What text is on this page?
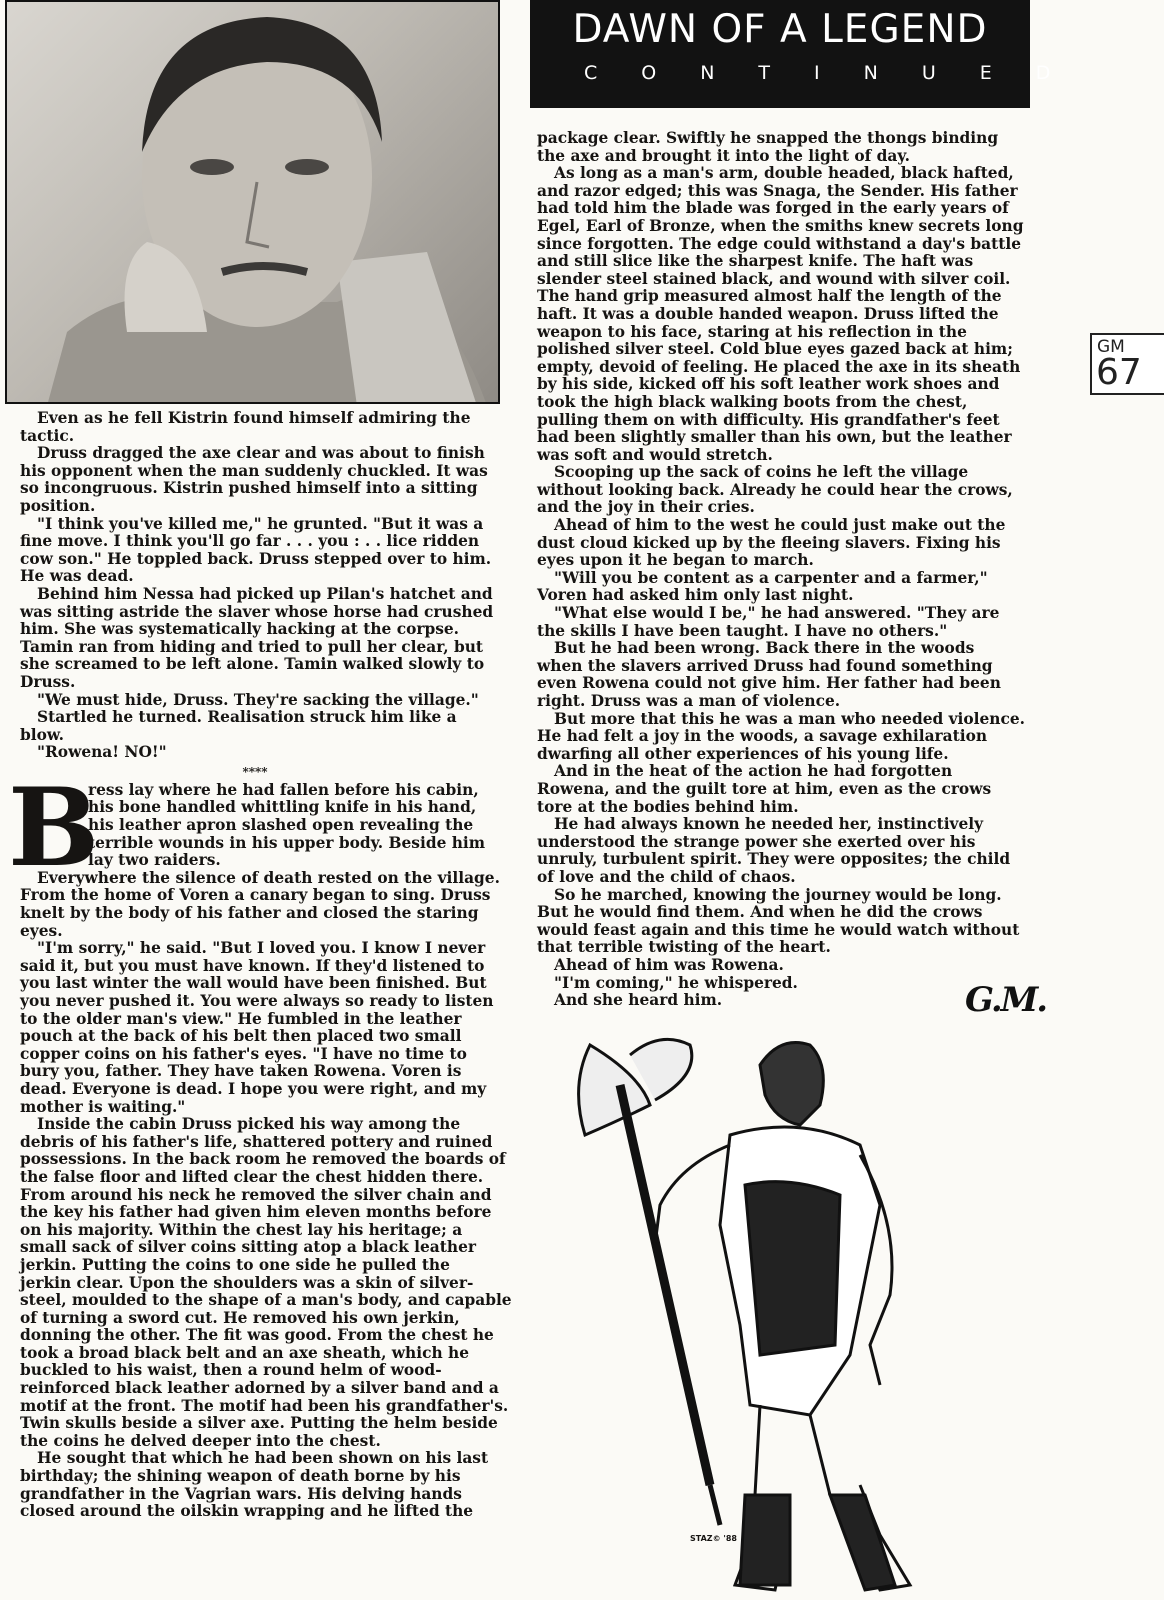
DAWN OF A LEGEND
CONTINUED
GM
67
Even as he fell Kistrin found himself admiring the
tactic.
Druss dragged the axe clear and was about to finish
his opponent when the man suddenly chuckled. It was
so incongruous. Kistrin pushed himself into a sitting
position.
"I think you've killed me," he grunted. "But it was a
fine move. I think you'll go far . . . you : . . lice ridden
cow son." He toppled back. Druss stepped over to him.
He was dead.
Behind him Nessa had picked up Pilan's hatchet and
was sitting astride the slaver whose horse had crushed
him. She was systematically hacking at the corpse.
Tamin ran from hiding and tried to pull her clear, but
she screamed to be left alone. Tamin walked slowly to
Druss.
"We must hide, Druss. They're sacking the village."
Startled he turned. Realisation struck him like a
blow.
"Rowena! NO!"
****
B
ress lay where he had fallen before his cabin,
his bone handled whittling knife in his hand,
his leather apron slashed open revealing the
terrible wounds in his upper body. Beside him
lay two raiders.
Everywhere the silence of death rested on the village.
From the home of Voren a canary began to sing. Druss
knelt by the body of his father and closed the staring
eyes.
"I'm sorry," he said. "But I loved you. I know I never
said it, but you must have known. If they'd listened to
you last winter the wall would have been finished. But
you never pushed it. You were always so ready to listen
to the older man's view." He fumbled in the leather
pouch at the back of his belt then placed two small
copper coins on his father's eyes. "I have no time to
bury you, father. They have taken Rowena. Voren is
dead. Everyone is dead. I hope you were right, and my
mother is waiting."
Inside the cabin Druss picked his way among the
debris of his father's life, shattered pottery and ruined
possessions. In the back room he removed the boards of
the false floor and lifted clear the chest hidden there.
From around his neck he removed the silver chain and
the key his father had given him eleven months before
on his majority. Within the chest lay his heritage; a
small sack of silver coins sitting atop a black leather
jerkin. Putting the coins to one side he pulled the
jerkin clear. Upon the shoulders was a skin of silver-
steel, moulded to the shape of a man's body, and capable
of turning a sword cut. He removed his own jerkin,
donning the other. The fit was good. From the chest he
took a broad black belt and an axe sheath, which he
buckled to his waist, then a round helm of wood-
reinforced black leather adorned by a silver band and a
motif at the front. The motif had been his grandfather's.
Twin skulls beside a silver axe. Putting the helm beside
the coins he delved deeper into the chest.
He sought that which he had been shown on his last
birthday; the shining weapon of death borne by his
grandfather in the Vagrian wars. His delving hands
closed around the oilskin wrapping and he lifted the
package clear. Swiftly he snapped the thongs binding
the axe and brought it into the light of day.
As long as a man's arm, double headed, black hafted,
and razor edged; this was Snaga, the Sender. His father
had told him the blade was forged in the early years of
Egel, Earl of Bronze, when the smiths knew secrets long
since forgotten. The edge could withstand a day's battle
and still slice like the sharpest knife. The haft was
slender steel stained black, and wound with silver coil.
The hand grip measured almost half the length of the
haft. It was a double handed weapon. Druss lifted the
weapon to his face, staring at his reflection in the
polished silver steel. Cold blue eyes gazed back at him;
empty, devoid of feeling. He placed the axe in its sheath
by his side, kicked off his soft leather work shoes and
took the high black walking boots from the chest,
pulling them on with difficulty. His grandfather's feet
had been slightly smaller than his own, but the leather
was soft and would stretch.
Scooping up the sack of coins he left the village
without looking back. Already he could hear the crows,
and the joy in their cries.
Ahead of him to the west he could just make out the
dust cloud kicked up by the fleeing slavers. Fixing his
eyes upon it he began to march.
"Will you be content as a carpenter and a farmer,"
Voren had asked him only last night.
"What else would I be," he had answered. "They are
the skills I have been taught. I have no others."
But he had been wrong. Back there in the woods
when the slavers arrived Druss had found something
even Rowena could not give him. Her father had been
right. Druss was a man of violence.
But more that this he was a man who needed violence.
He had felt a joy in the woods, a savage exhilaration
dwarfing all other experiences of his young life.
And in the heat of the action he had forgotten
Rowena, and the guilt tore at him, even as the crows
tore at the bodies behind him.
He had always known he needed her, instinctively
understood the strange power she exerted over his
unruly, turbulent spirit. They were opposites; the child
of love and the child of chaos.
So he marched, knowing the journey would be long.
But he would find them. And when he did the crows
would feast again and this time he would watch without
that terrible twisting of the heart.
Ahead of him was Rowena.
"I'm coming," he whispered.
And she heard him.	G.M.
STAZ© '88
